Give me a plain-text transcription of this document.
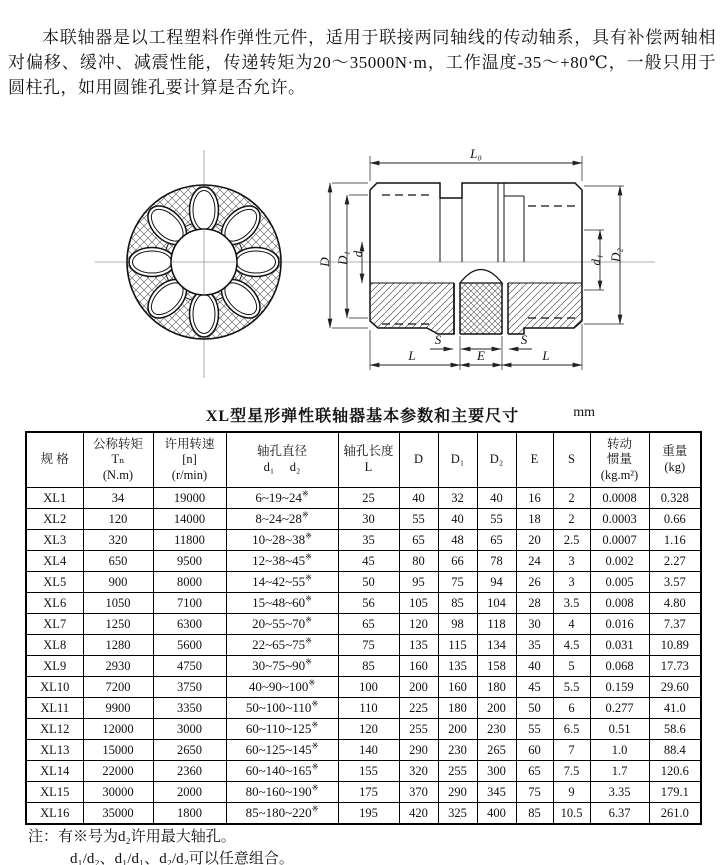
本联轴器是以工程塑料作弹性元件，适用于联接两同轴线的传动轴系，具有补偿两轴相对偏移、缓冲、减震性能，传递转矩为20～35000N·m，工作温度-35～+80℃，一般只用于圆柱孔，如用圆锥孔要计算是否允许。

L₀
D D₁ d
d₁ D₂
S	S
L	E	L
XL型星形弹性联轴器基本参数和主要尺寸	mm
规 格

公称转矩
Tₙ
(N.m)

许用转速
[n]
(r/min)

轴孔直径
d₁　 d₂

轴孔长度
L

D	D₁	D₂	E	S

转动
惯量
(kg.m²)

重量
(kg)

XL1	34	19000	6~19~24※	25	40	32	40	16	2	0.0008	0.328
XL2	120	14000	8~24~28※	30	55	40	55	18	2	0.0003	0.66
XL3	320	11800	10~28~38※	35	65	48	65	20	2.5	0.0007	1.16
XL4	650	9500	12~38~45※	45	80	66	78	24	3	0.002	2.27
XL5	900	8000	14~42~55※	50	95	75	94	26	3	0.005	3.57
XL6	1050	7100	15~48~60※	56	105	85	104	28	3.5	0.008	4.80
XL7	1250	6300	20~55~70※	65	120	98	118	30	4	0.016	7.37
XL8	1280	5600	22~65~75※	75	135	115	134	35	4.5	0.031	10.89
XL9	2930	4750	30~75~90※	85	160	135	158	40	5	0.068	17.73
XL10	7200	3750	40~90~100※	100	200	160	180	45	5.5	0.159	29.60
XL11	9900	3350	50~100~110※	110	225	180	200	50	6	0.277	41.0
XL12	12000	3000	60~110~125※	120	255	200	230	55	6.5	0.51	58.6
XL13	15000	2650	60~125~145※	140	290	230	265	60	7	1.0	88.4
XL14	22000	2360	60~140~165※	155	320	255	300	65	7.5	1.7	120.6
XL15	30000	2000	80~160~190※	175	370	290	345	75	9	3.35	179.1
XL16	35000	1800	85~180~220※	195	420	325	400	85	10.5	6.37	261.0
注：有※号为d₂许用最大轴孔。
d₁/d₂、d₁/d₁、d₂/d₂可以任意组合。
